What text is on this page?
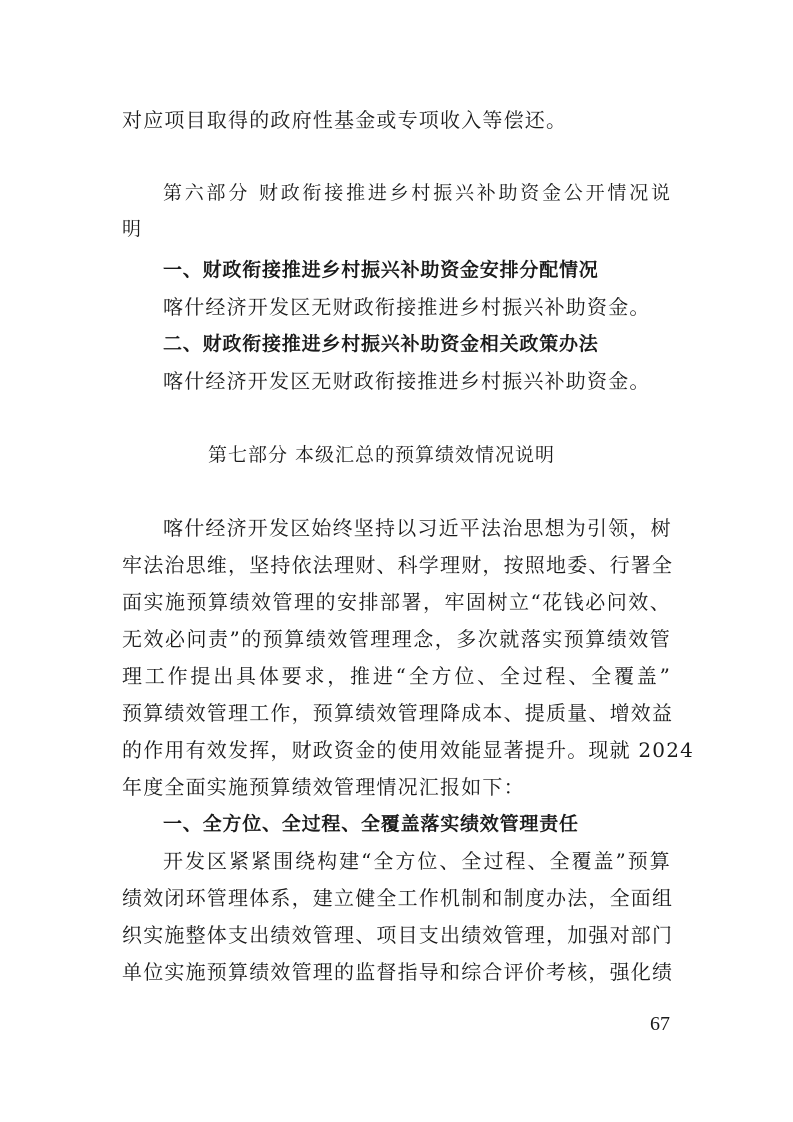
对应项目取得的政府性基金或专项收入等偿还。
第六部分 财政衔接推进乡村振兴补助资金公开情况说
明
一、财政衔接推进乡村振兴补助资金安排分配情况
喀什经济开发区无财政衔接推进乡村振兴补助资金。
二、财政衔接推进乡村振兴补助资金相关政策办法
喀什经济开发区无财政衔接推进乡村振兴补助资金。
第七部分 本级汇总的预算绩效情况说明
喀什经济开发区始终坚持以习近平法治思想为引领，树
牢法治思维，坚持依法理财、科学理财，按照地委、行署全
面实施预算绩效管理的安排部署，牢固树立“花钱必问效、
无效必问责”的预算绩效管理理念，多次就落实预算绩效管
理工作提出具体要求，推进“全方位、全过程、全覆盖”
预算绩效管理工作，预算绩效管理降成本、提质量、增效益
的作用有效发挥，财政资金的使用效能显著提升。现就 2024
年度全面实施预算绩效管理情况汇报如下：
一、全方位、全过程、全覆盖落实绩效管理责任
开发区紧紧围绕构建“全方位、全过程、全覆盖”预算
绩效闭环管理体系，建立健全工作机制和制度办法，全面组
织实施整体支出绩效管理、项目支出绩效管理，加强对部门
单位实施预算绩效管理的监督指导和综合评价考核，强化绩
67
